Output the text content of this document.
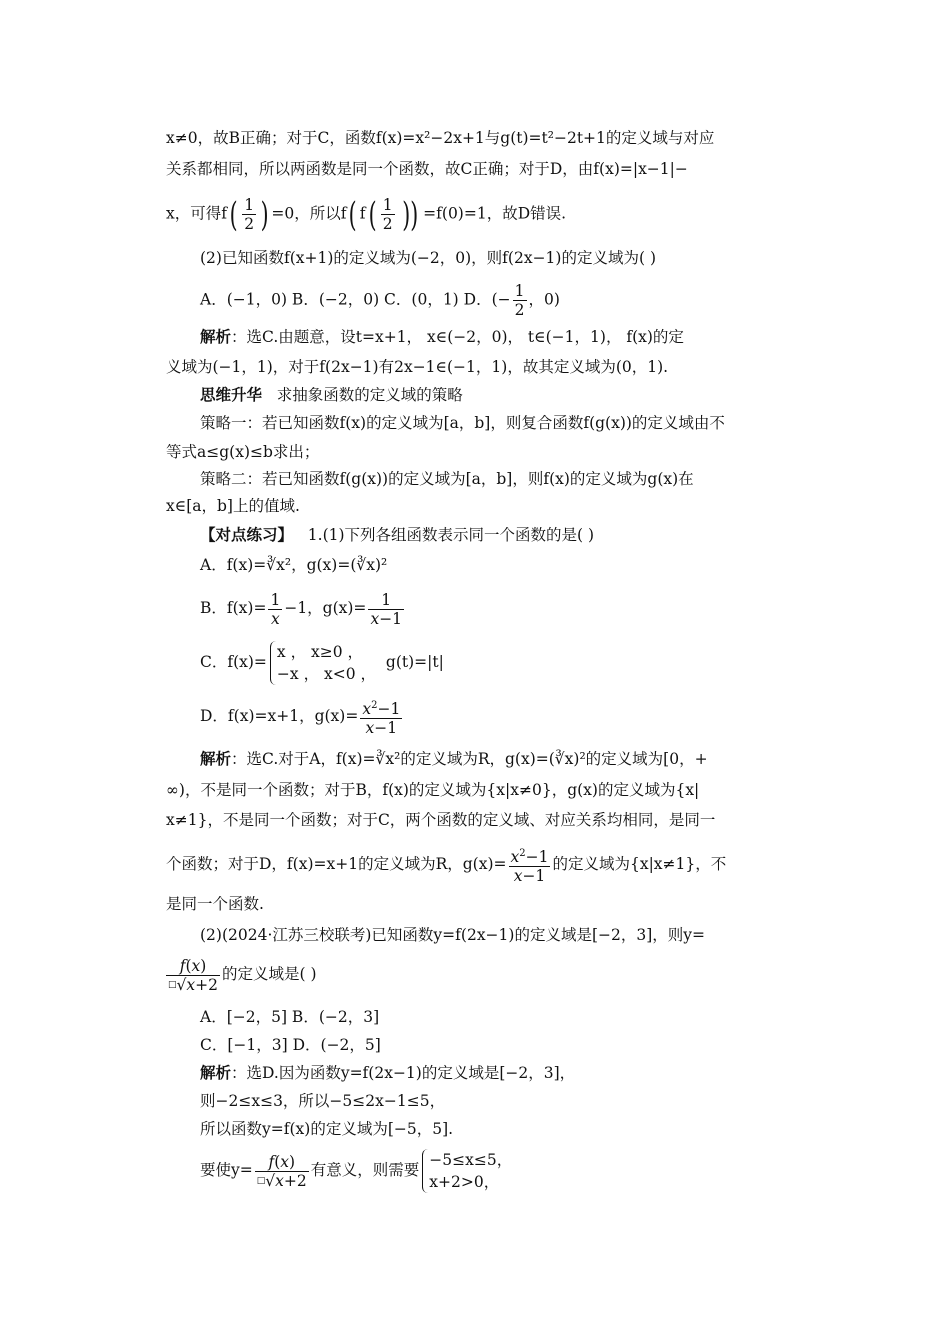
x≠0，故B正确；对于C，函数f(x)=x²−2x+1与g(t)=t²−2t+1的定义域与对应
关系都相同，所以两函数是同一个函数，故C正确；对于D，由f(x)=|x−1|−
x，可得$f( \frac{1}{2}$ ) =0，所以f( $f( \frac{1}{2}$ )) =f(0)=1，故D错误.
(2)已知函数f(x+1)的定义域为(−2，0)，则f(2x−1)的定义域为( )
A．(−1，0) B．(−2，0) C．(0，1) D．(− $\frac{1}{2}$ ，0)
解析：选C.由题意，设t=x+1， x∈(−2，0)， t∈(−1，1)， f(x)的定
义域为(−1，1)，对于f(2x−1)有2x−1∈(−1，1)，故其定义域为(0，1).
思维升华 求抽象函数的定义域的策略
策略一：若已知函数f(x)的定义域为[a，b]，则复合函数f(g(x))的定义域由不
等式a≤g(x)≤b求出；
策略二：若已知函数f(g(x))的定义域为[a，b]，则f(x)的定义域为g(x)在
x∈[a，b]上的值域.
【对点练习】 1.(1)下列各组函数表示同一个函数的是( )
A．f(x)=∛x²，g(x)=(∛x)²
B．$f(x)= \frac{1}{x} -1$，$g(x)= \frac{1}{x-1}$
C．f(x)=
x ， x≥0 ，
−x ， x<0 ，
g(t)=|t|
D．f(x)=x+1，$g(x)= \frac{x^2-1}{x-1}$
解析：选C.对于A，f(x)=∛x²的定义域为R，g(x)=(∛x)²的定义域为[0，+
∞)，不是同一个函数；对于B，f(x)的定义域为{x|x≠0}，g(x)的定义域为{x|
x≠1}，不是同一个函数；对于C，两个函数的定义域、对应关系均相同，是同一
个函数；对于D，f(x)=x+1的定义域为R，$g(x)= \frac{x^2-1}{x-1}$ 的定义域为{x|x≠1}，不
是同一个函数.
(2)(2024·江苏三校联考)已知函数y=f(2x−1)的定义域是[−2，3]，则y=
$\frac{f(x)}{^□√x+2}$ 的定义域是( )
A．[−2，5] B．(−2，3]
C．[−1，3] D．(−2，5]
解析：选D.因为函数y=f(2x−1)的定义域是[−2，3]，
则−2≤x≤3，所以−5≤2x−1≤5，
所以函数y=f(x)的定义域为[−5，5].
要使$y= \frac{f(x)}{^□√x+2}$ 有意义，则需要
−5≤x≤5，
x+2>0，
